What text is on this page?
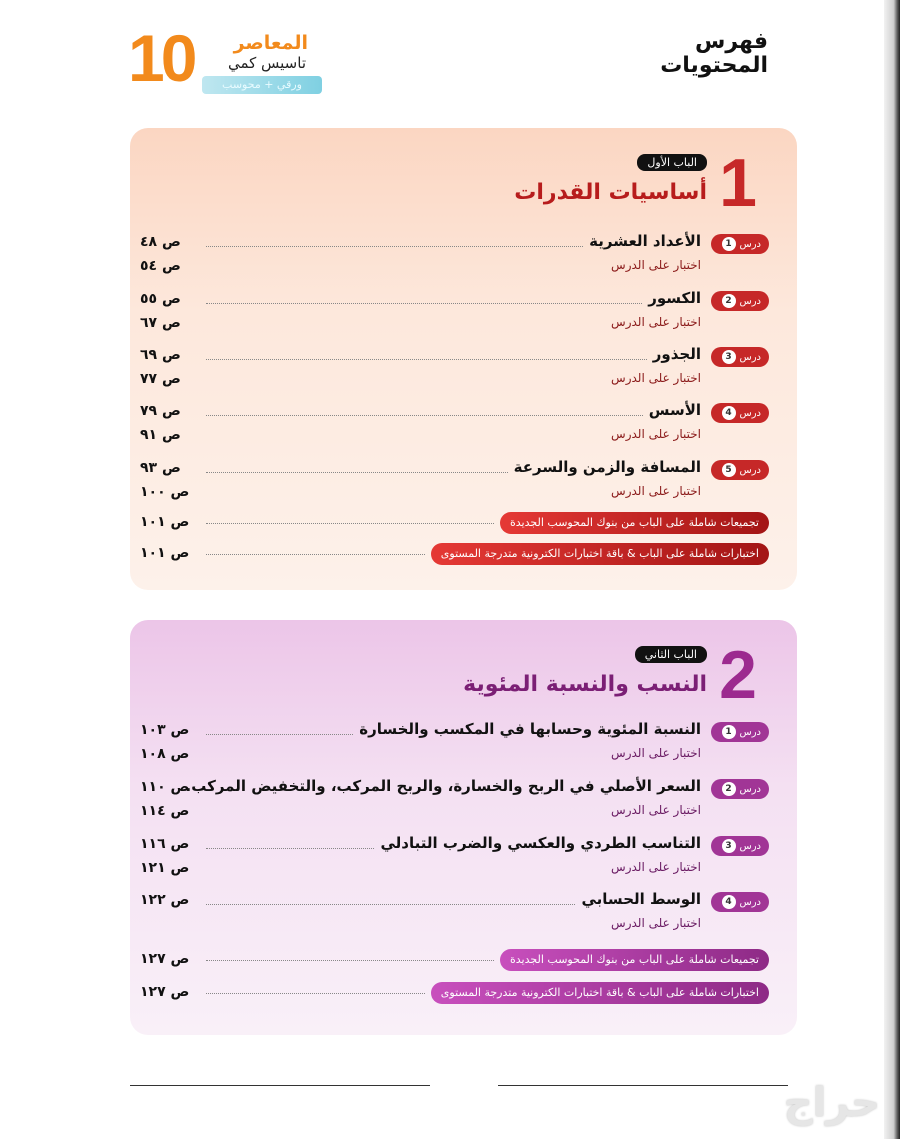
فهرس
المحتويات
10 المعاصر
تاسيس كمي
ورقي + محوسب
1
الباب الأول
أساسيات القدرات
درس
1
الأعداد العشرية
ص ٤٨
اختبار على الدرس
ص ٥٤
درس
2
الكسور
ص ٥٥
اختبار على الدرس
ص ٦٧
درس
3
الجذور
ص ٦٩
اختبار على الدرس
ص ٧٧
درس
4
الأسس
ص ٧٩
اختبار على الدرس
ص ٩١
درس
5
المسافة والزمن والسرعة
ص ٩٣
اختبار على الدرس
ص ١٠٠
تجميعات شاملة على الباب من بنوك المحوسب الجديدة
ص ١٠١
اختبارات شاملة على الباب & باقة اختبارات الكترونية متدرجة المستوى
ص ١٠١
2
الباب الثاني
النسب والنسبة المئوية
درس
1
النسبة المئوية وحسابها في المكسب والخسارة
ص ١٠٣
اختبار على الدرس
ص ١٠٨
درس
2
السعر الأصلي في الربح والخسارة، والربح المركب، والتخفيض المركب.
ص ١١٠
اختبار على الدرس
ص ١١٤
درس
3
التناسب الطردي والعكسي والضرب التبادلي
ص ١١٦
اختبار على الدرس
ص ١٢١
درس
4
الوسط الحسابي
ص ١٢٢
اختبار على الدرس
تجميعات شاملة على الباب من بنوك المحوسب الجديدة
ص ١٢٧
اختبارات شاملة على الباب & باقة اختبارات الكترونية متدرجة المستوى
ص ١٢٧
حراج
